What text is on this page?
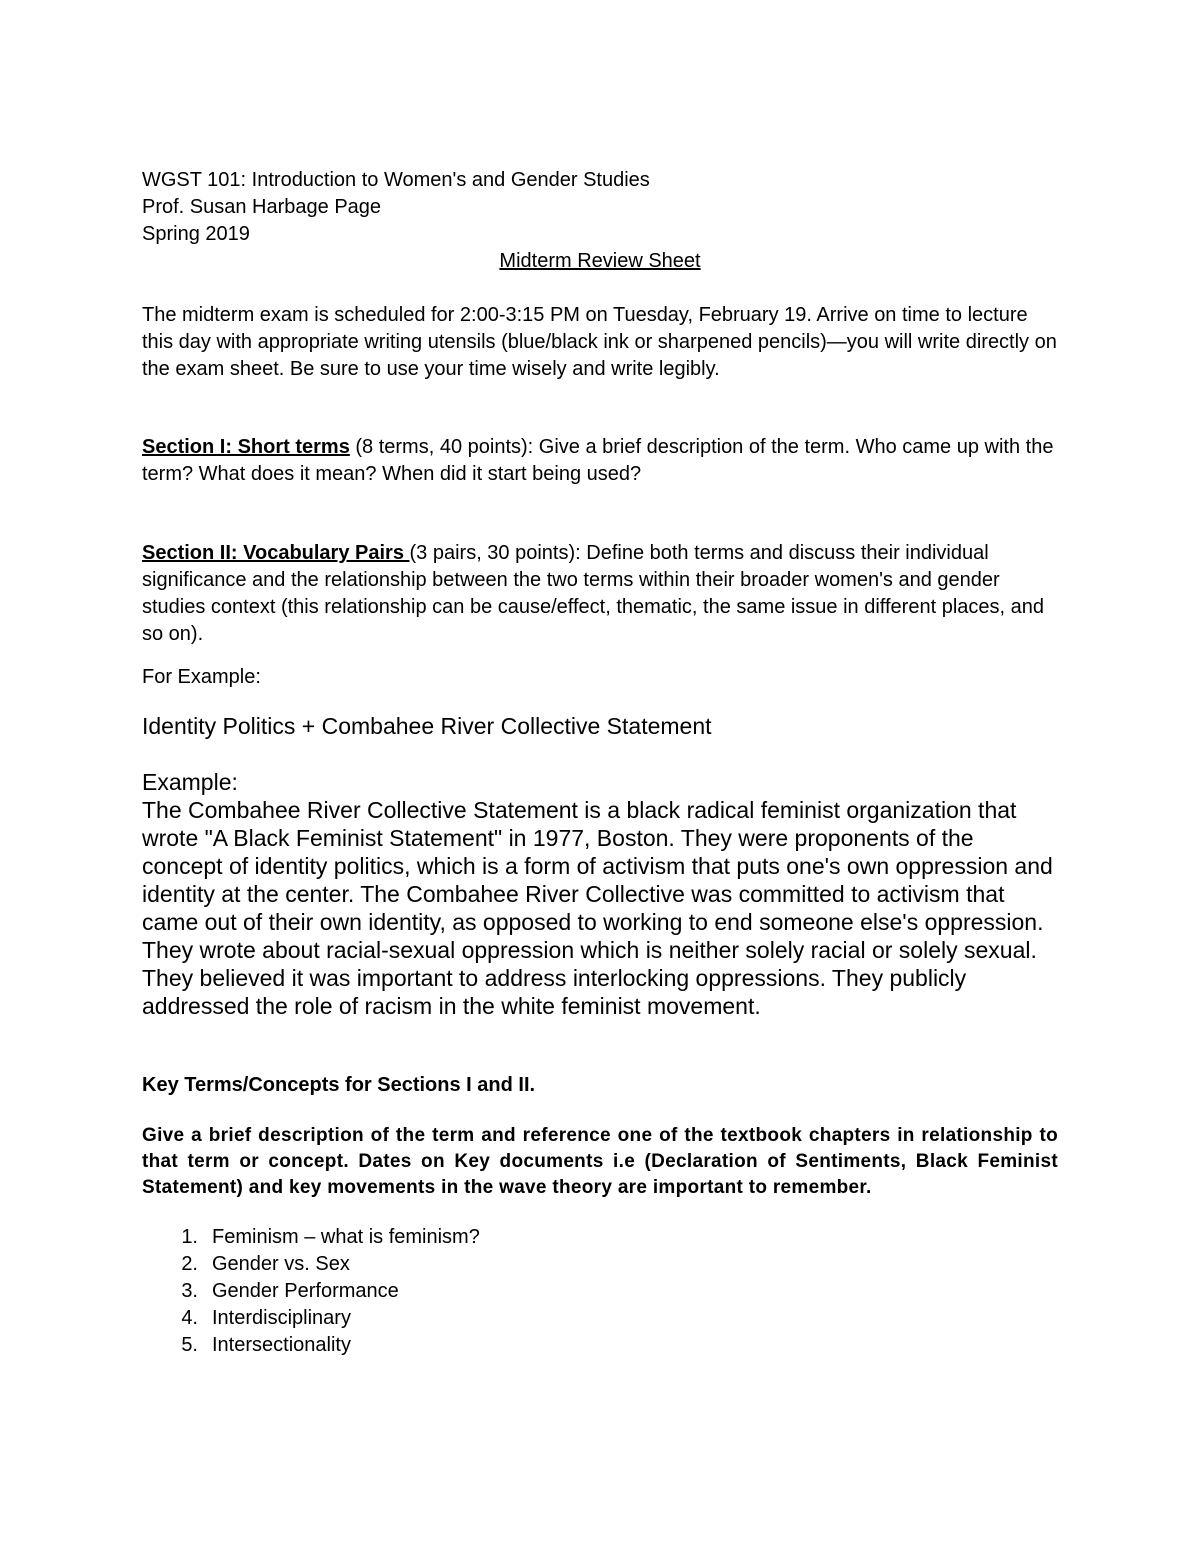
WGST 101: Introduction to Women's and Gender Studies

Prof. Susan Harbage Page

Spring 2019

Midterm Review Sheet

The midterm exam is scheduled for 2:00-3:15 PM on Tuesday, February 19. Arrive on time to lecture this day with appropriate writing utensils (blue/black ink or sharpened pencils)—you will write directly on the exam sheet. Be sure to use your time wisely and write legibly.

Section I: Short terms (8 terms, 40 points): Give a brief description of the term. Who came up with the term? What does it mean? When did it start being used?

Section II: Vocabulary Pairs (3 pairs, 30 points): Define both terms and discuss their individual significance and the relationship between the two terms within their broader women's and gender studies context (this relationship can be cause/effect, thematic, the same issue in different places, and so on).

For Example:

Identity Politics + Combahee River Collective Statement

Example:

The Combahee River Collective Statement is a black radical feminist organization that wrote "A Black Feminist Statement" in 1977, Boston. They were proponents of the concept of identity politics, which is a form of activism that puts one's own oppression and identity at the center. The Combahee River Collective was committed to activism that came out of their own identity, as opposed to working to end someone else's oppression. They wrote about racial-sexual oppression which is neither solely racial or solely sexual. They believed it was important to address interlocking oppressions. They publicly addressed the role of racism in the white feminist movement.

Key Terms/Concepts for Sections I and II.

Give a brief description of the term and reference one of the textbook chapters in relationship to that term or concept. Dates on Key documents i.e (Declaration of Sentiments, Black Feminist Statement) and key movements in the wave theory are important to remember.

1. Feminism – what is feminism?
2. Gender vs. Sex
3. Gender Performance
4. Interdisciplinary
5. Intersectionality
